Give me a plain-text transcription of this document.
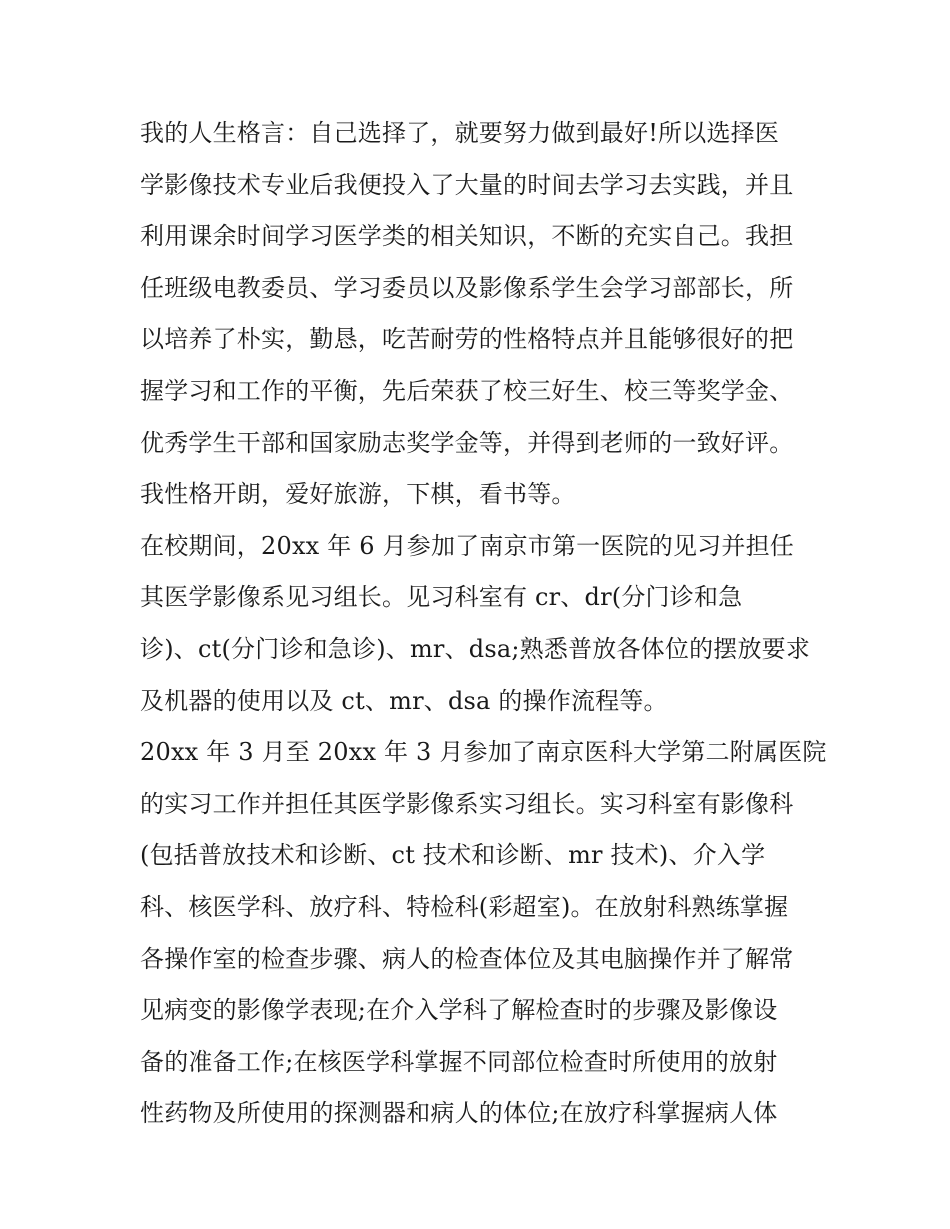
我的人生格言：自己选择了，就要努力做到最好!所以选择医
学影像技术专业后我便投入了大量的时间去学习去实践，并且
利用课余时间学习医学类的相关知识，不断的充实自己。我担
任班级电教委员、学习委员以及影像系学生会学习部部长，所
以培养了朴实，勤恳，吃苦耐劳的性格特点并且能够很好的把
握学习和工作的平衡，先后荣获了校三好生、校三等奖学金、
优秀学生干部和国家励志奖学金等，并得到老师的一致好评。
我性格开朗，爱好旅游，下棋，看书等。
在校期间，20xx 年 6 月参加了南京市第一医院的见习并担任
其医学影像系见习组长。见习科室有 cr、dr(分门诊和急
诊)、ct(分门诊和急诊)、mr、dsa;熟悉普放各体位的摆放要求
及机器的使用以及 ct、mr、dsa 的操作流程等。
20xx 年 3 月至 20xx 年 3 月参加了南京医科大学第二附属医院
的实习工作并担任其医学影像系实习组长。实习科室有影像科
(包括普放技术和诊断、ct 技术和诊断、mr 技术)、介入学
科、核医学科、放疗科、特检科(彩超室)。在放射科熟练掌握
各操作室的检查步骤、病人的检查体位及其电脑操作并了解常
见病变的影像学表现;在介入学科了解检查时的步骤及影像设
备的准备工作;在核医学科掌握不同部位检查时所使用的放射
性药物及所使用的探测器和病人的体位;在放疗科掌握病人体
